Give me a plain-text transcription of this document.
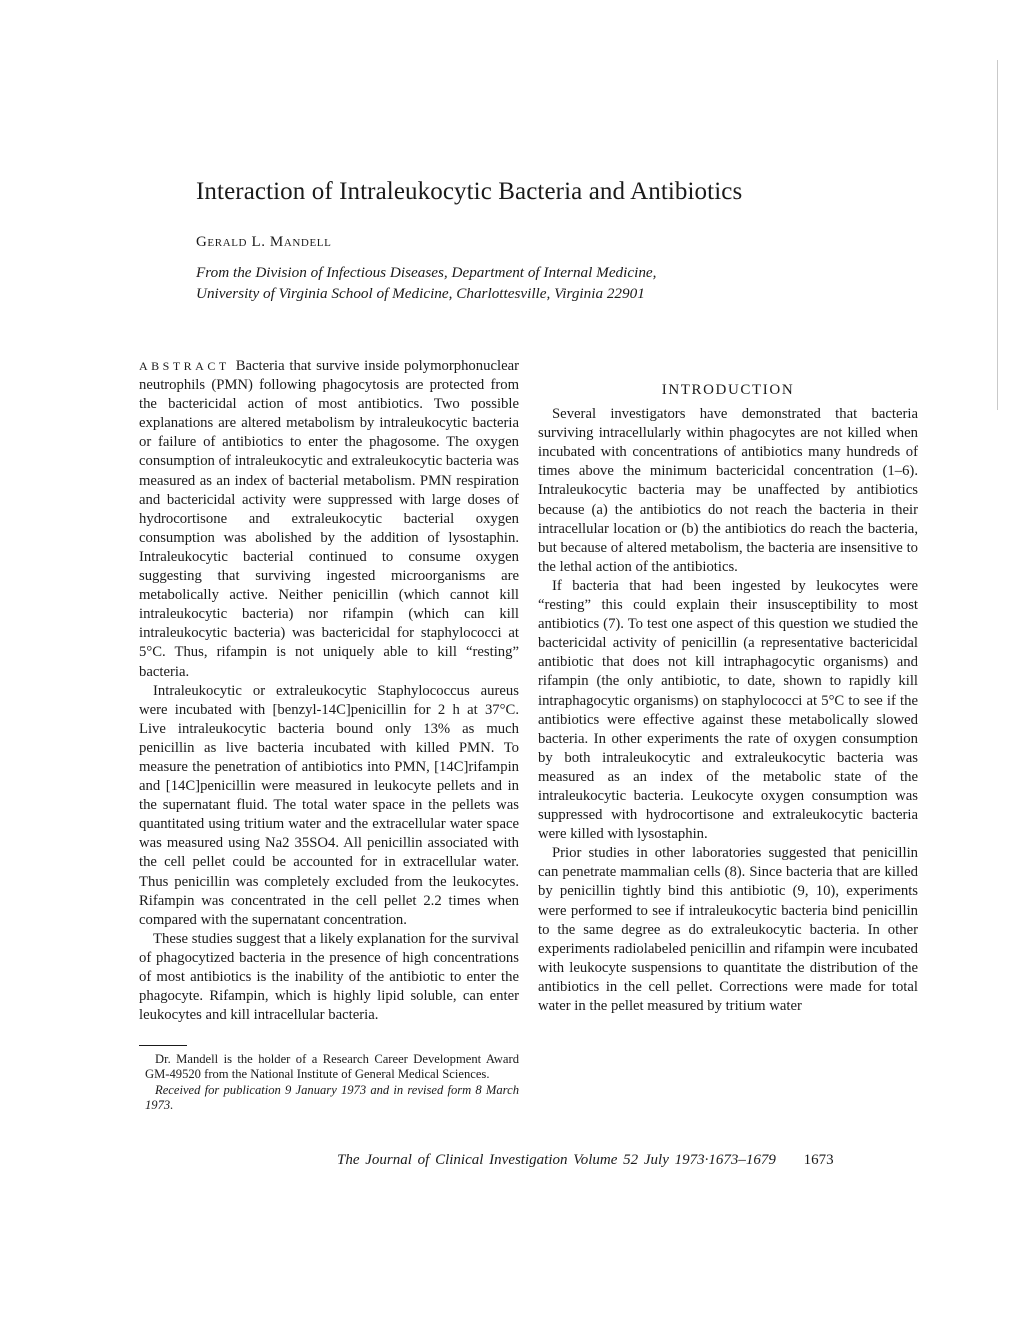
Interaction of Intraleukocytic Bacteria and Antibiotics
Gerald L. Mandell

From the Division of Infectious Diseases, Department of Internal Medicine,
University of Virginia School of Medicine, Charlottesville, Virginia 22901

ABSTRACT Bacteria that survive inside polymorphonuclear neutrophils (PMN) following phagocytosis are protected from the bactericidal action of most antibiotics. Two possible explanations are altered metabolism by intraleukocytic bacteria or failure of antibiotics to enter the phagosome. The oxygen consumption of intraleukocytic and extraleukocytic bacteria was measured as an index of bacterial metabolism. PMN respiration and bactericidal activity were suppressed with large doses of hydrocortisone and extraleukocytic bacterial oxygen consumption was abolished by the addition of lysostaphin. Intraleukocytic bacterial continued to consume oxygen suggesting that surviving ingested microorganisms are metabolically active. Neither penicillin (which cannot kill intraleukocytic bacteria) nor rifampin (which can kill intraleukocytic bacteria) was bactericidal for staphylococci at 5°C. Thus, rifampin is not uniquely able to kill “resting” bacteria.

Intraleukocytic or extraleukocytic Staphylococcus aureus were incubated with [benzyl-14C]penicillin for 2 h at 37°C. Live intraleukocytic bacteria bound only 13% as much penicillin as live bacteria incubated with killed PMN. To measure the penetration of antibiotics into PMN, [14C]rifampin and [14C]penicillin were measured in leukocyte pellets and in the supernatant fluid. The total water space in the pellets was quantitated using tritium water and the extracellular water space was measured using Na2 35SO4. All penicillin associated with the cell pellet could be accounted for in extracellular water. Thus penicillin was completely excluded from the leukocytes. Rifampin was concentrated in the cell pellet 2.2 times when compared with the supernatant concentration.

These studies suggest that a likely explanation for the survival of phagocytized bacteria in the presence of high concentrations of most antibiotics is the inability of the antibiotic to enter the phagocyte. Rifampin, which is highly lipid soluble, can enter leukocytes and kill intracellular bacteria.

Dr. Mandell is the holder of a Research Career Development Award GM-49520 from the National Institute of General Medical Sciences.

Received for publication 9 January 1973 and in revised form 8 March 1973.

INTRODUCTION

Several investigators have demonstrated that bacteria surviving intracellularly within phagocytes are not killed when incubated with concentrations of antibiotics many hundreds of times above the minimum bactericidal concentration (1–6). Intraleukocytic bacteria may be unaffected by antibiotics because (a) the antibiotics do not reach the bacteria in their intracellular location or (b) the antibiotics do reach the bacteria, but because of altered metabolism, the bacteria are insensitive to the lethal action of the antibiotics.

If bacteria that had been ingested by leukocytes were “resting” this could explain their insusceptibility to most antibiotics (7). To test one aspect of this question we studied the bactericidal activity of penicillin (a representative bactericidal antibiotic that does not kill intraphagocytic organisms) and rifampin (the only antibiotic, to date, shown to rapidly kill intraphagocytic organisms) on staphylococci at 5°C to see if the antibiotics were effective against these metabolically slowed bacteria. In other experiments the rate of oxygen consumption by both intraleukocytic and extraleukocytic bacteria was measured as an index of the metabolic state of the intraleukocytic bacteria. Leukocyte oxygen consumption was suppressed with hydrocortisone and extraleukocytic bacteria were killed with lysostaphin.

Prior studies in other laboratories suggested that penicillin can penetrate mammalian cells (8). Since bacteria that are killed by penicillin tightly bind this antibiotic (9, 10), experiments were performed to see if intraleukocytic bacteria bind penicillin to the same degree as do extraleukocytic bacteria. In other experiments radiolabeled penicillin and rifampin were incubated with leukocyte suspensions to quantitate the distribution of the antibiotics in the cell pellet. Corrections were made for total water in the pellet measured by tritium water

The Journal of Clinical Investigation Volume 52 July 1973·1673–1679 1673
